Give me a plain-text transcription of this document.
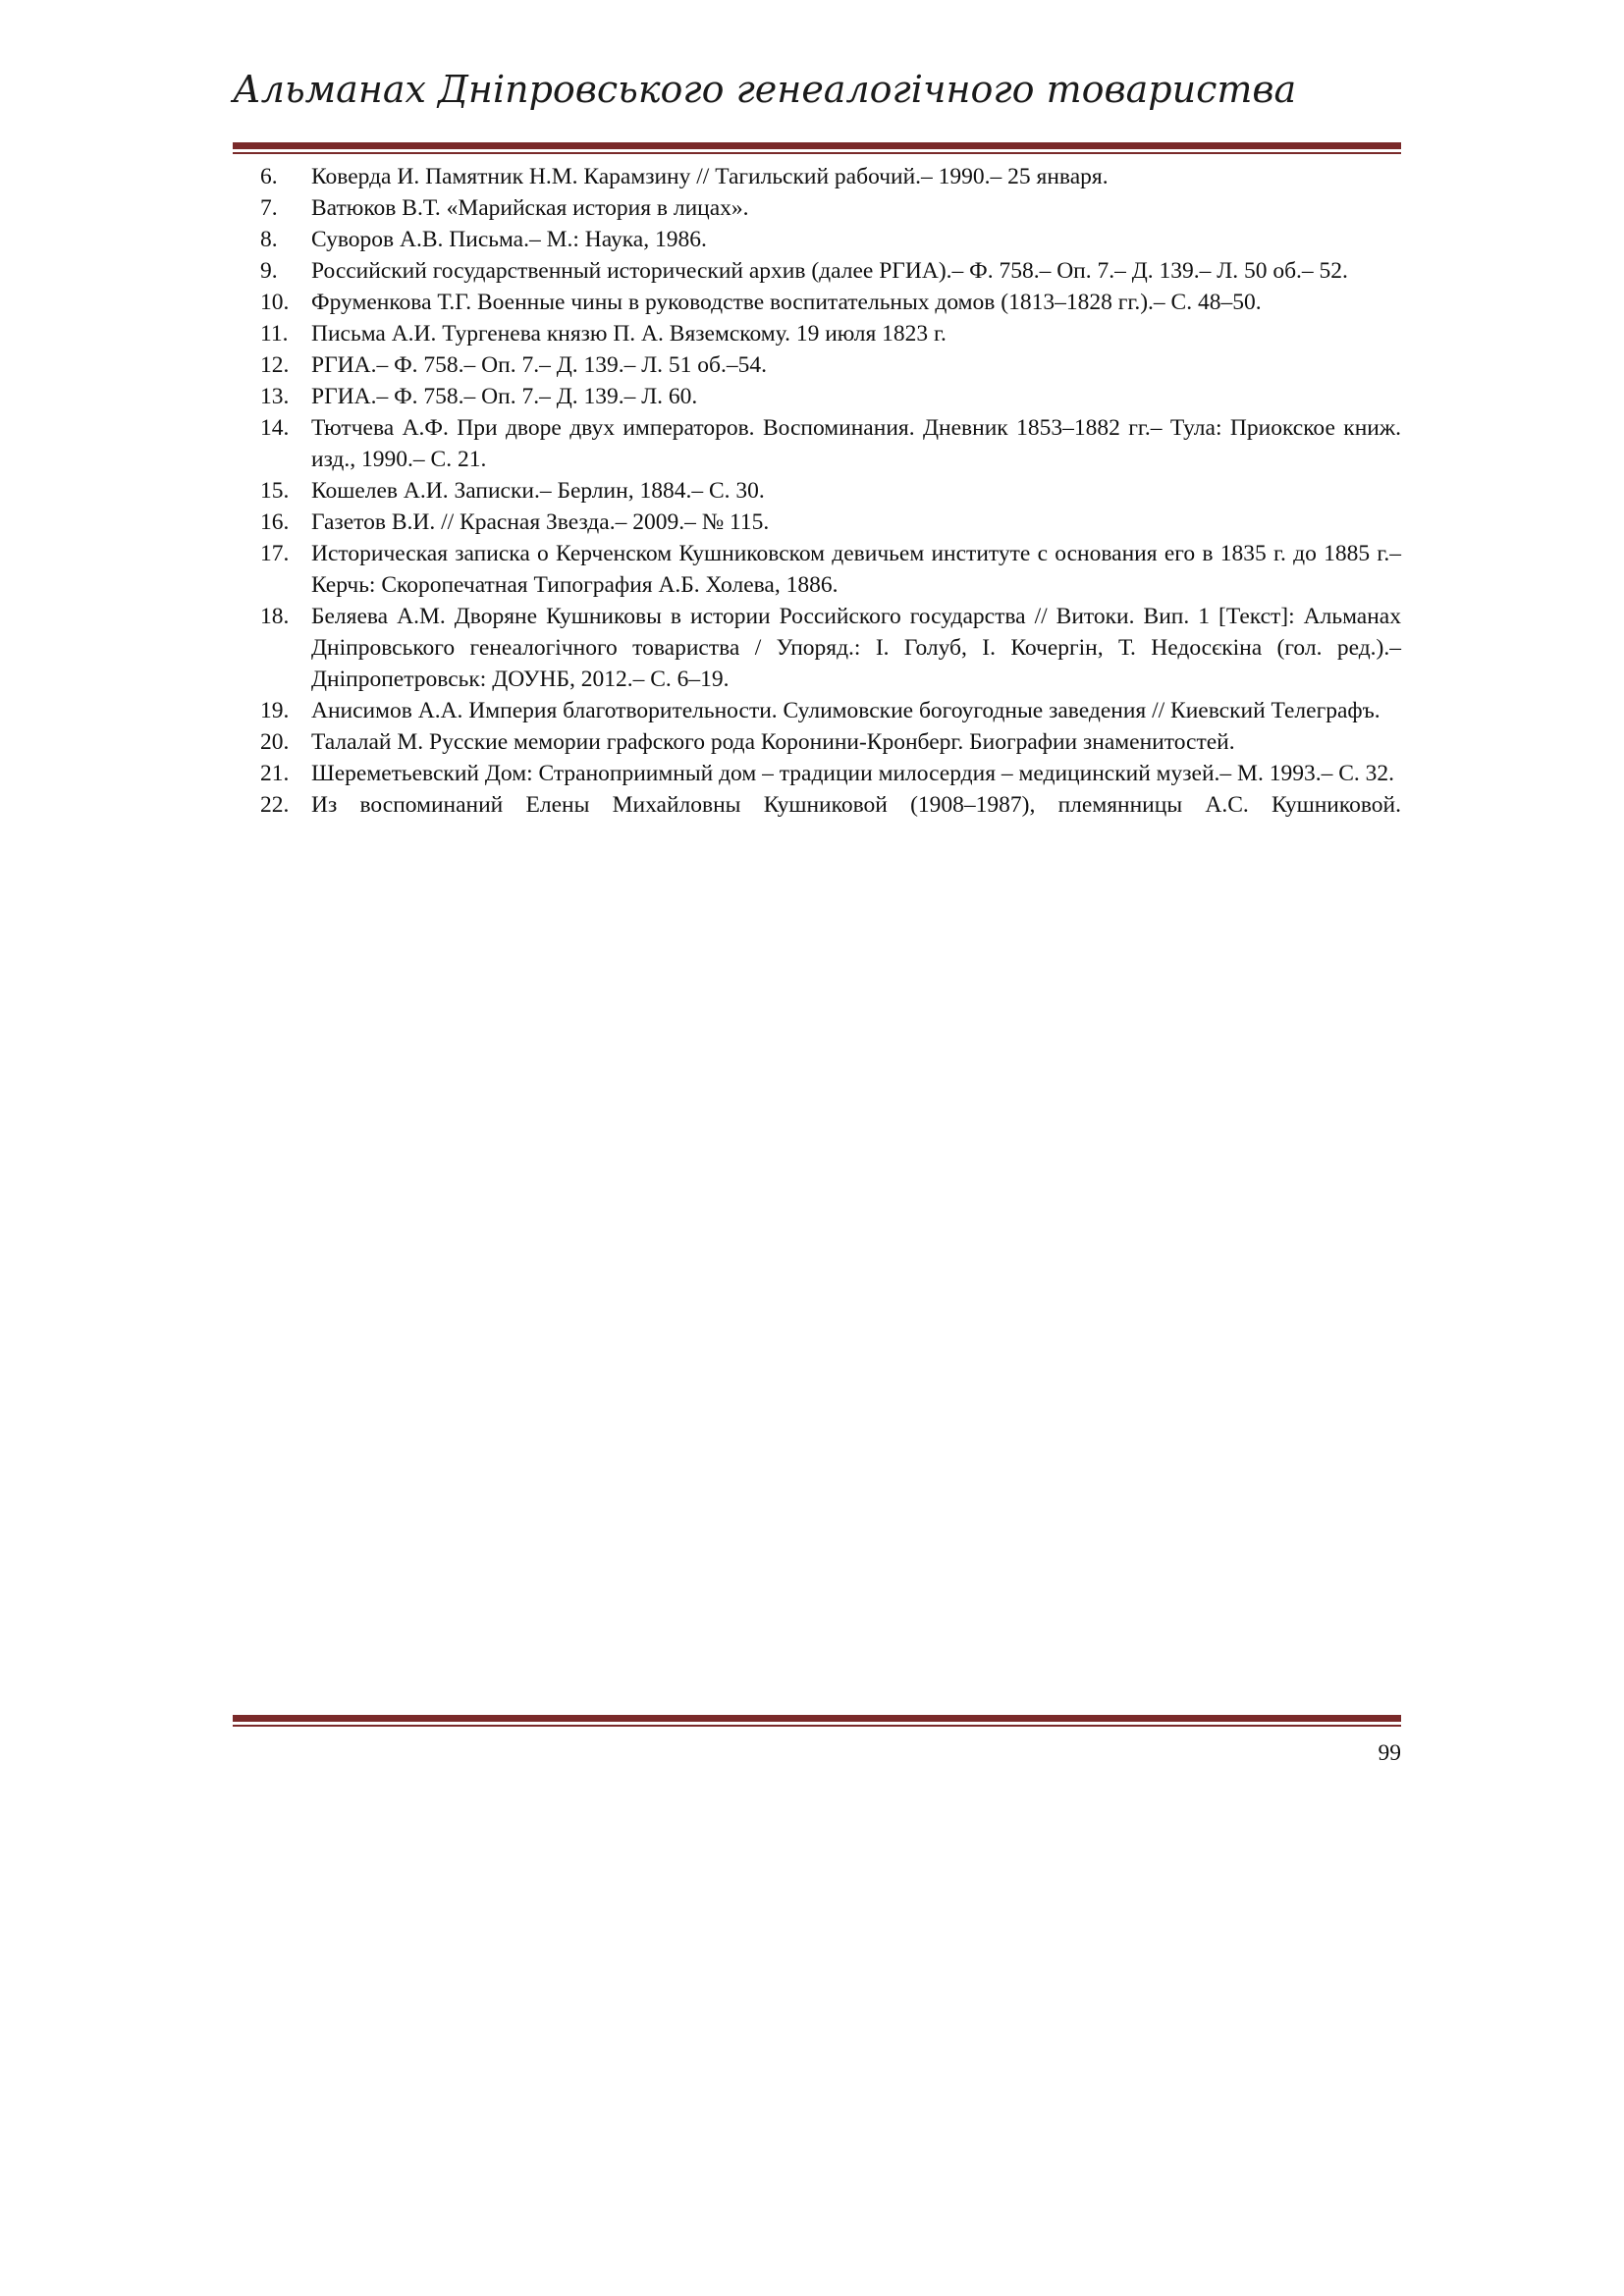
Альманах Дніпровського генеалогічного товариства
6.	Коверда И. Памятник Н.М. Карамзину // Тагильский рабочий.– 1990.– 25 января.
7.	Ватюков В.Т. «Марийская история в лицах».
8.	Суворов А.В. Письма.– М.: Наука, 1986.
9.	Российский государственный исторический архив (далее РГИА).– Ф. 758.– Оп. 7.– Д. 139.– Л. 50 об.– 52.
10. Фруменкова Т.Г. Военные чины в руководстве воспитательных домов (1813–1828 гг.).– С. 48–50.
11. Письма А.И. Тургенева князю П. А. Вяземскому. 19 июля 1823 г.
12. РГИА.– Ф. 758.– Оп. 7.– Д. 139.– Л. 51 об.–54.
13. РГИА.– Ф. 758.– Оп. 7.– Д. 139.– Л. 60.
14. Тютчева А.Ф. При дворе двух императоров. Воспоминания. Дневник 1853–1882 гг.– Тула: Приокское книж. изд., 1990.– С. 21.
15. Кошелев А.И. Записки.– Берлин, 1884.– С. 30.
16. Газетов В.И. // Красная Звезда.– 2009.– № 115.
17. Историческая записка о Керченском Кушниковском девичьем институте с основания его в 1835 г. до 1885 г.– Керчь: Скоропечатная Типография А.Б. Холева, 1886.
18. Беляева А.М. Дворяне Кушниковы в истории Российского государства // Витоки. Вип. 1 [Текст]: Альманах Дніпровського генеалогічного товариства / Упоряд.: І. Голуб, І. Кочергін, Т. Недосєкіна (гол. ред.).– Дніпропетровськ: ДОУНБ, 2012.– С. 6–19.
19. Анисимов А.А. Империя благотворительности. Сулимовские богоугодные заведения // Киевский Телеграфъ.
20. Талалай М. Русские мемории графского рода Коронини-Кронберг. Биографии знаменитостей.
21. Шереметьевский Дом: Страноприимный дом – традиции милосердия – медицинский музей.– М. 1993.– С. 32.
22. Из воспоминаний Елены Михайловны Кушниковой (1908–1987), племянницы А.С. Кушниковой.
99
